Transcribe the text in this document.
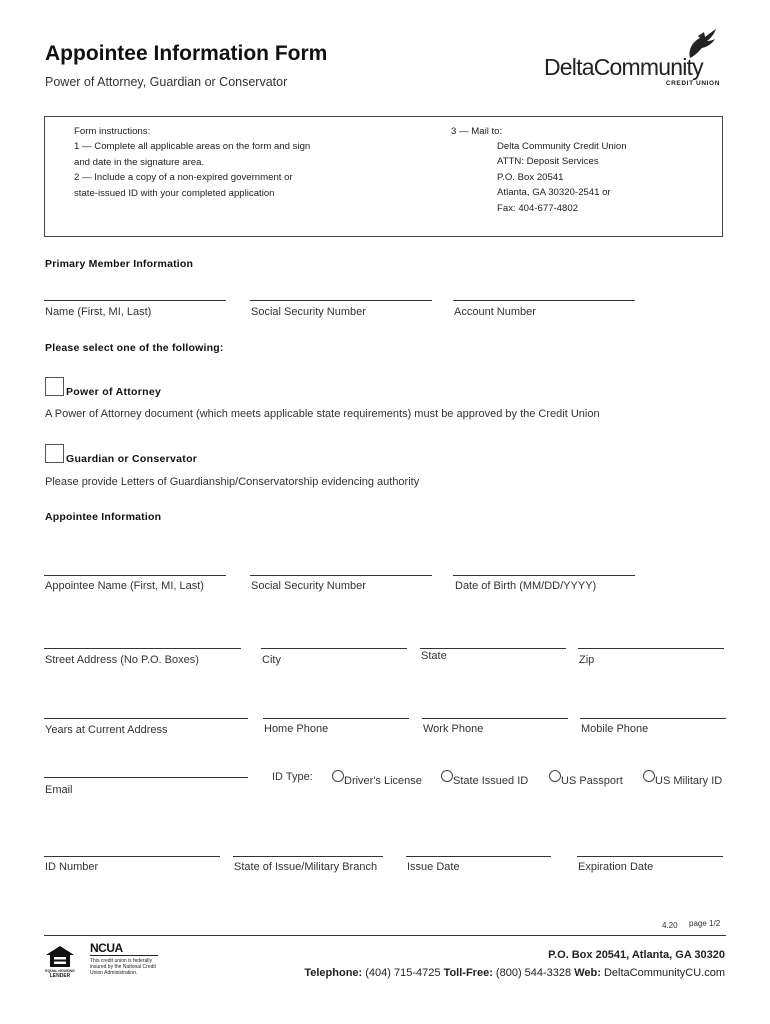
Appointee Information Form
Power of Attorney, Guardian or Conservator
DeltaCommunity
CREDIT UNION
Form instructions:
1 — Complete all applicable areas on the form and sign
and date in the signature area.
2 — Include a copy of a non-expired government or
state-issued ID with your completed application
3 — Mail to:
Delta Community Credit Union
ATTN: Deposit Services
P.O. Box 20541
Atlanta, GA 30320-2541 or
Fax: 404-677-4802
Primary Member Information
Name (First, MI, Last)	Social Security Number	Account Number
Please select one of the following:
Power of Attorney
A Power of Attorney document (which meets applicable state requirements) must be approved by the Credit Union
Guardian or Conservator
Please provide Letters of Guardianship/Conservatorship evidencing authority
Appointee Information
Appointee Name (First, MI, Last)	Social Security Number	Date of Birth (MM/DD/YYYY)
Street Address (No P.O. Boxes)	City	State	Zip
Years at Current Address	Home Phone	Work Phone	Mobile Phone
Email
ID Type:	Driver's License	State Issued ID	US Passport	US Military ID
ID Number	State of Issue/Military Branch	Issue Date	Expiration Date
4.20 page 1/2
EQUAL HOUSING
LENDER
NCUA
This credit union is federally
insured by the National Credit
Union Administration.
P.O. Box 20541, Atlanta, GA 30320
Telephone: (404) 715-4725 Toll-Free: (800) 544-3328 Web: DeltaCommunityCU.com
